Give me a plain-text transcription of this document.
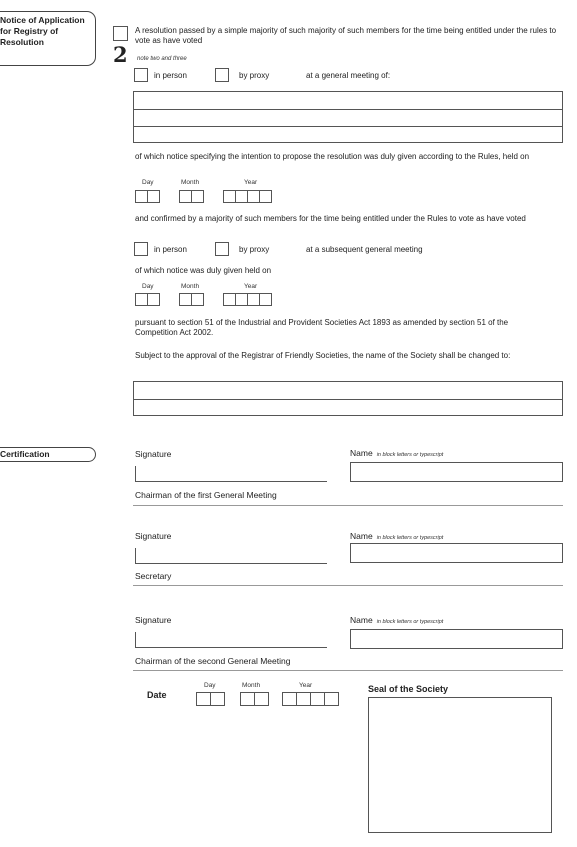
Notice of Application for Registry of Resolution
Certification
2
A resolution passed by a simple majority of such majority of such members for the time being entitled under the rules to vote as have voted
note two and three
in person	by proxy	at a general meeting of:
of which notice specifying the intention to propose the resolution was duly given according to the Rules, held on
Day	Month	Year
and confirmed by a majority of such members for the time being entitled under the Rules to vote as have voted
in person	by proxy	at a subsequent general meeting
of which notice was duly given held on
Day	Month	Year
pursuant to section 51 of the Industrial and Provident Societies Act 1893 as amended by section 51 of the Competition Act 2002.
Subject to the approval of the Registrar of Friendly Societies, the name of the Society shall be changed to:
Signature	Name in block letters or typescript
Chairman of the first General Meeting
Signature	Name in block letters or typescript
Secretary
Signature	Name in block letters or typescript
Chairman of the second General Meeting
Date
Day	Month	Year	Seal of the Society
